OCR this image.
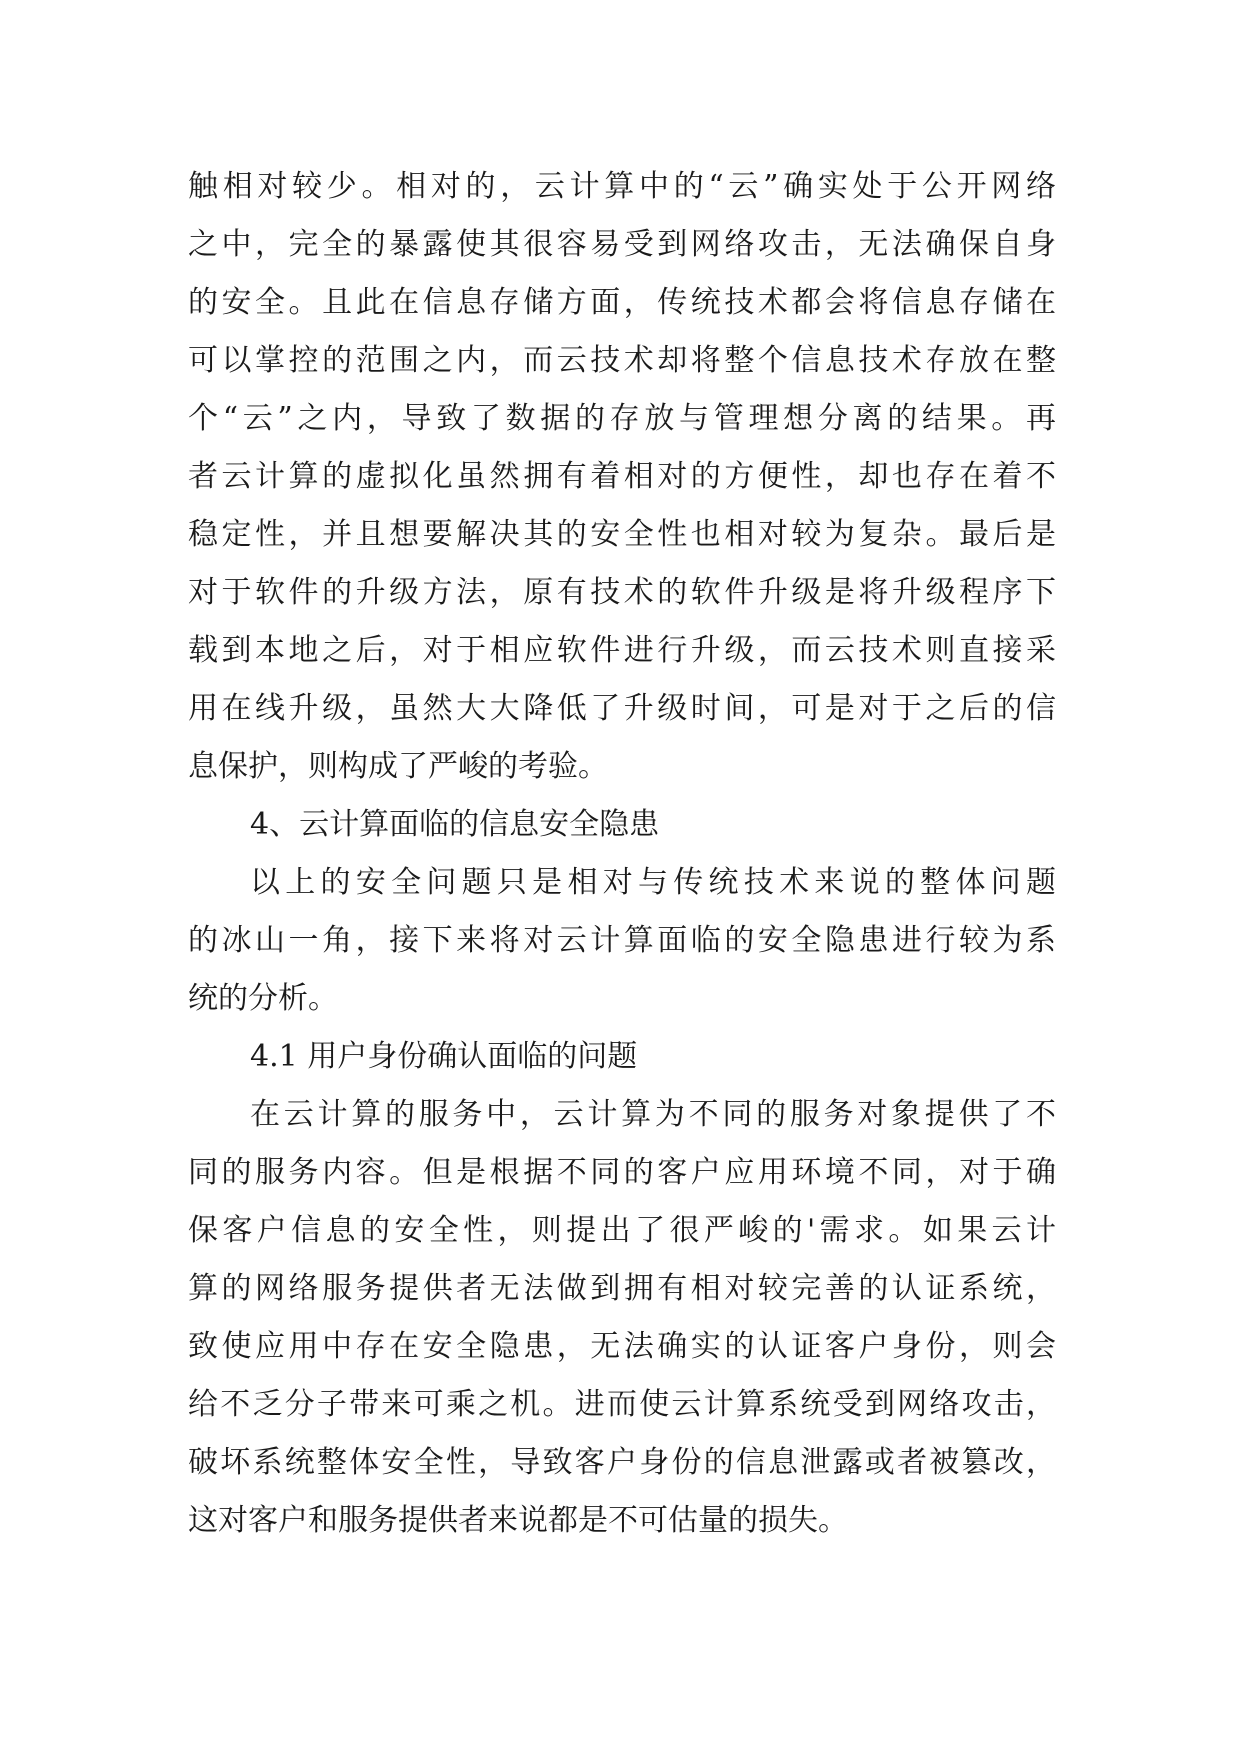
触相对较少。相对的，云计算中的“云”确实处于公开网络
之中，完全的暴露使其很容易受到网络攻击，无法确保自身
的安全。且此在信息存储方面，传统技术都会将信息存储在
可以掌控的范围之内，而云技术却将整个信息技术存放在整
个“云”之内，导致了数据的存放与管理想分离的结果。再
者云计算的虚拟化虽然拥有着相对的方便性，却也存在着不
稳定性，并且想要解决其的安全性也相对较为复杂。最后是
对于软件的升级方法，原有技术的软件升级是将升级程序下
载到本地之后，对于相应软件进行升级，而云技术则直接采
用在线升级，虽然大大降低了升级时间，可是对于之后的信
息保护，则构成了严峻的考验。
4、云计算面临的信息安全隐患
以上的安全问题只是相对与传统技术来说的整体问题
的冰山一角，接下来将对云计算面临的安全隐患进行较为系
统的分析。
4.1 用户身份确认面临的问题
在云计算的服务中，云计算为不同的服务对象提供了不
同的服务内容。但是根据不同的客户应用环境不同，对于确
保客户信息的安全性，则提出了很严峻的'需求。如果云计
算的网络服务提供者无法做到拥有相对较完善的认证系统，
致使应用中存在安全隐患，无法确实的认证客户身份，则会
给不乏分子带来可乘之机。进而使云计算系统受到网络攻击，
破坏系统整体安全性，导致客户身份的信息泄露或者被篡改，
这对客户和服务提供者来说都是不可估量的损失。
